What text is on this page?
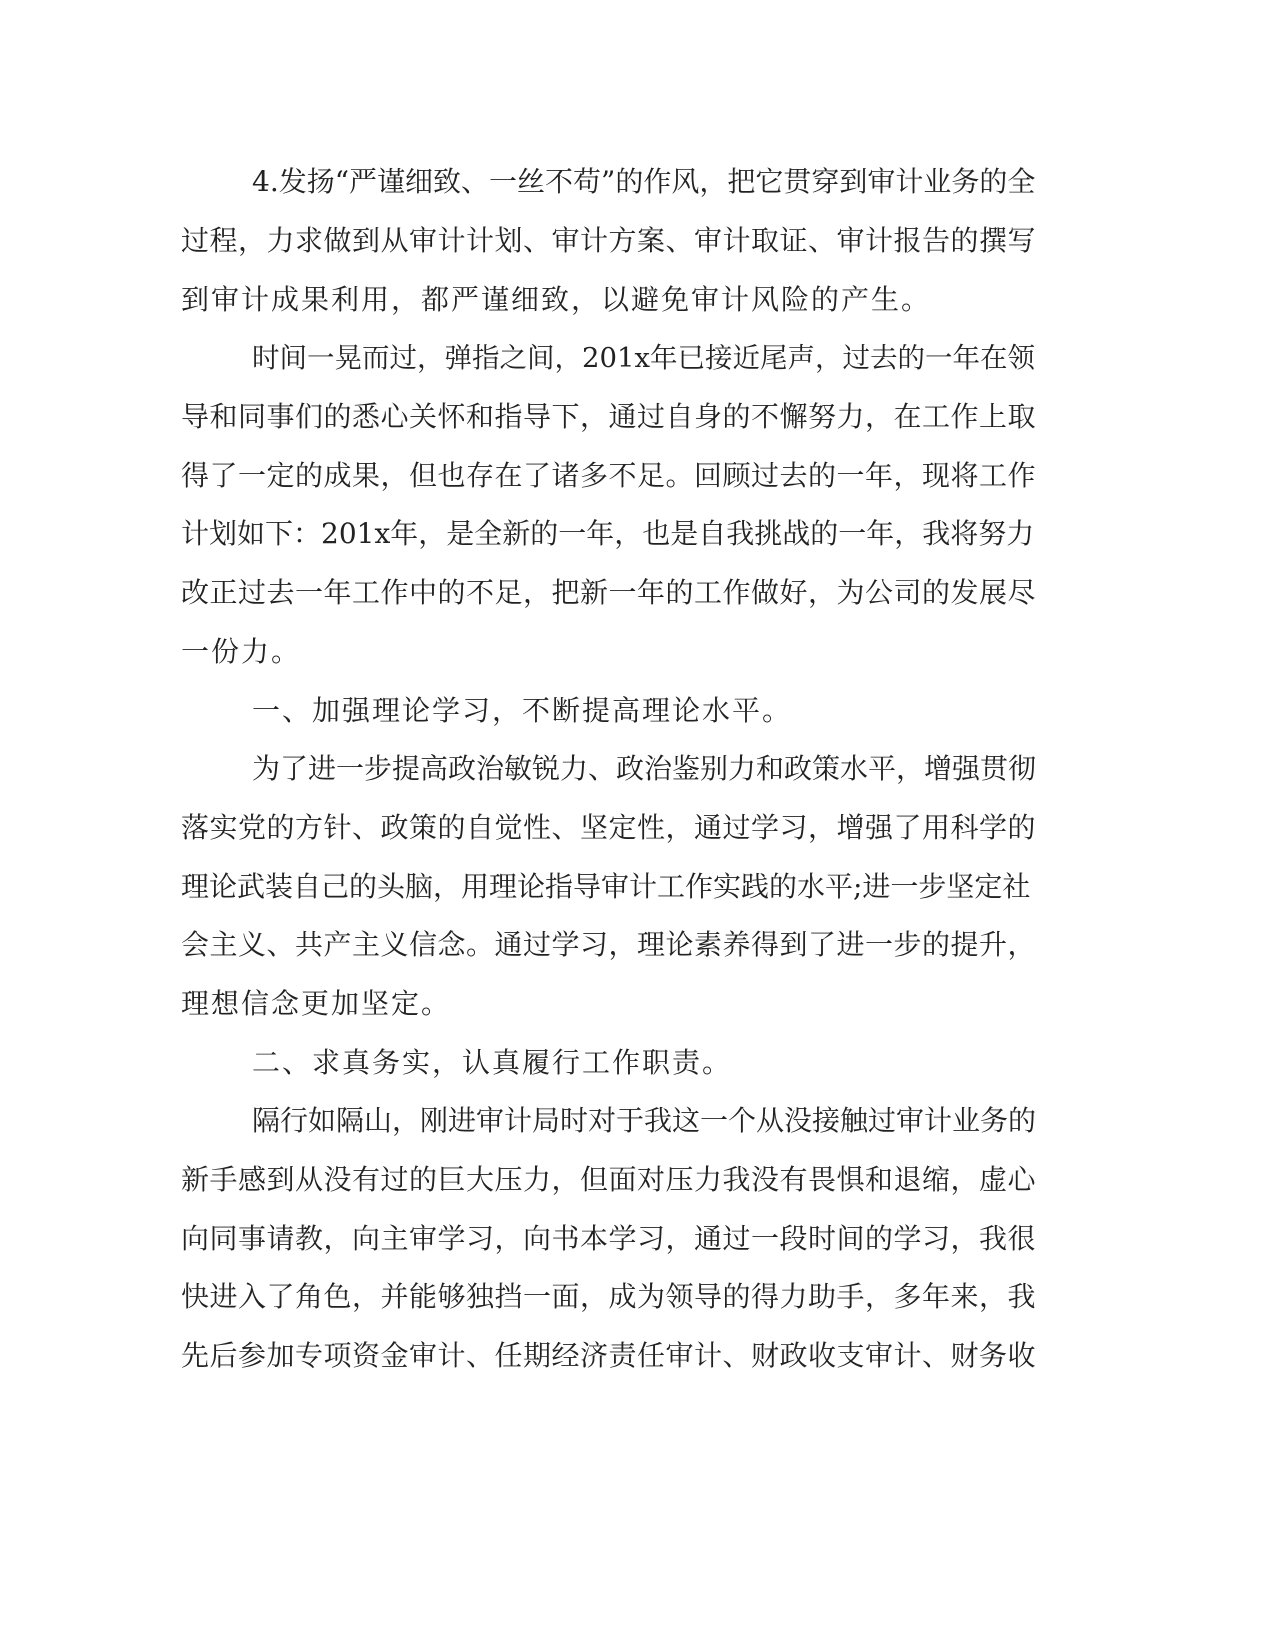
4.发扬“严谨细致、一丝不苟”的作风，把它贯穿到审计业务的全
过程，力求做到从审计计划、审计方案、审计取证、审计报告的撰写
到审计成果利用，都严谨细致，以避免审计风险的产生。
时间一晃而过，弹指之间，201x年已接近尾声，过去的一年在领
导和同事们的悉心关怀和指导下，通过自身的不懈努力，在工作上取
得了一定的成果，但也存在了诸多不足。回顾过去的一年，现将工作
计划如下：201x年，是全新的一年，也是自我挑战的一年，我将努力
改正过去一年工作中的不足，把新一年的工作做好，为公司的发展尽
一份力。
一、加强理论学习，不断提高理论水平。
为了进一步提高政治敏锐力、政治鉴别力和政策水平，增强贯彻
落实党的方针、政策的自觉性、坚定性，通过学习，增强了用科学的
理论武装自己的头脑，用理论指导审计工作实践的水平;进一步坚定社
会主义、共产主义信念。通过学习，理论素养得到了进一步的提升，
理想信念更加坚定。
二、求真务实，认真履行工作职责。
隔行如隔山，刚进审计局时对于我这一个从没接触过审计业务的
新手感到从没有过的巨大压力，但面对压力我没有畏惧和退缩，虚心
向同事请教，向主审学习，向书本学习，通过一段时间的学习，我很
快进入了角色，并能够独挡一面，成为领导的得力助手，多年来，我
先后参加专项资金审计、任期经济责任审计、财政收支审计、财务收
